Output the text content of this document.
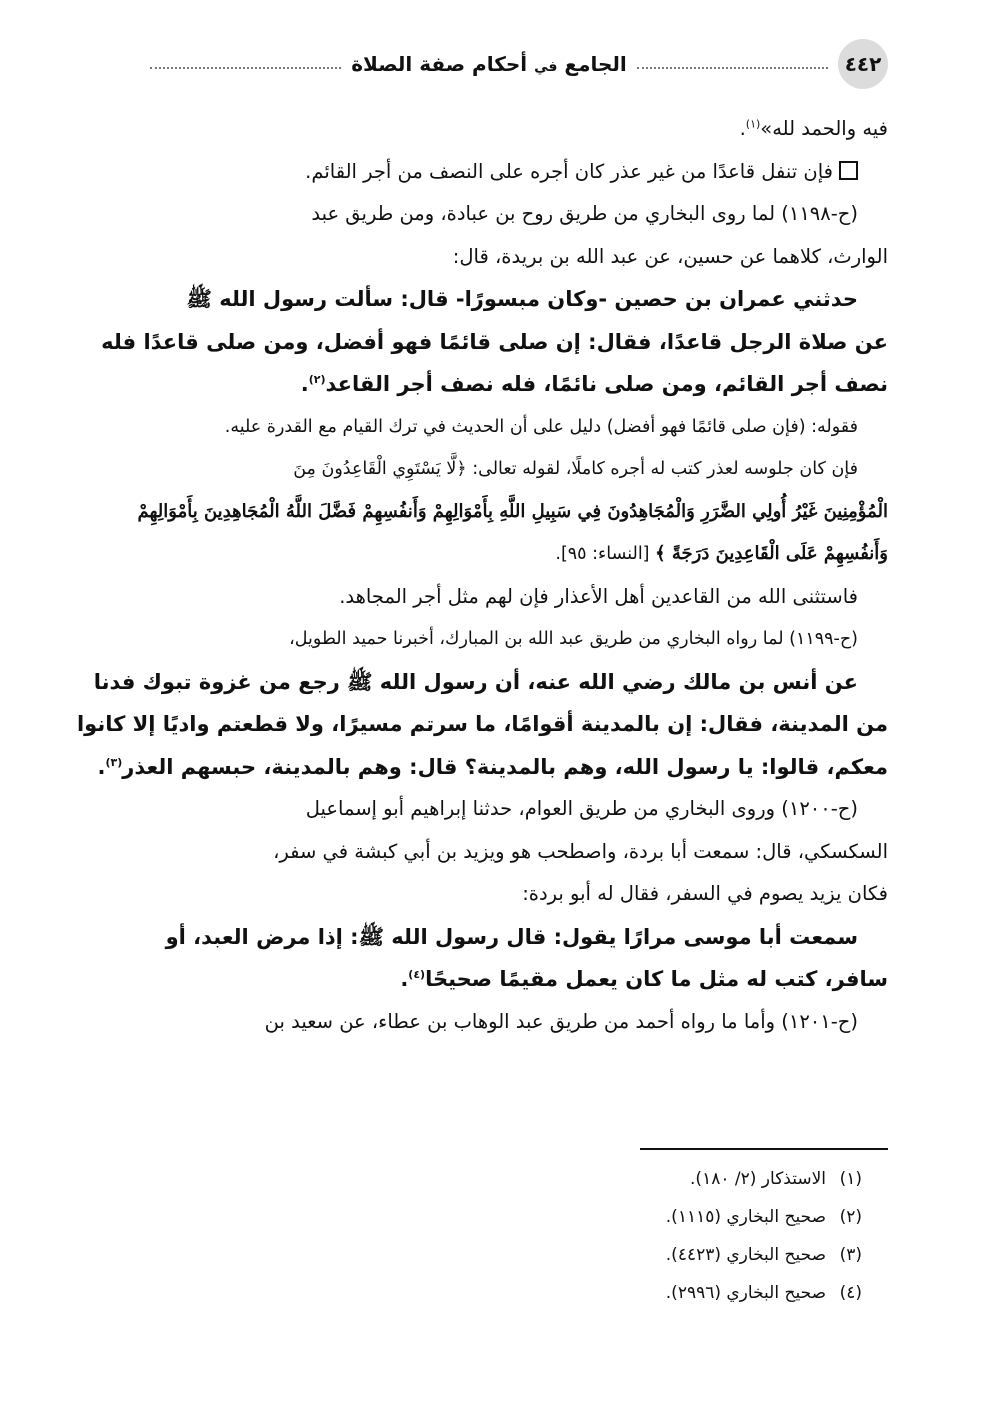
٤٤٢
الجامع في أحكام صفة الصلاة
فيه والحمد لله»$^{(١)}$.
فإن تنفل قاعدًا من غير عذر كان أجره على النصف من أجر القائم.
(ح-١١٩٨) لما روى البخاري من طريق روح بن عبادة، ومن طريق عبد
الوارث، كلاهما عن حسين، عن عبد الله بن بريدة، قال:
حدثني عمران بن حصين -وكان مبسورًا- قال: سألت رسول الله ﷺ
عن صلاة الرجل قاعدًا، فقال: إن صلى قائمًا فهو أفضل، ومن صلى قاعدًا فله
نصف أجر القائم، ومن صلى نائمًا، فله نصف أجر القاعد$^{(٢)}$.
فقوله: (فإن صلى قائمًا فهو أفضل) دليل على أن الحديث في ترك القيام مع القدرة عليه.
فإن كان جلوسه لعذر كتب له أجره كاملًا، لقوله تعالى: ﴿لَّا يَسْتَوِي الْقَاعِدُونَ مِنَ
الْمُؤْمِنِينَ غَيْرُ أُولِي الضَّرَرِ وَالْمُجَاهِدُونَ فِي سَبِيلِ اللَّهِ بِأَمْوَالِهِمْ وَأَنفُسِهِمْ فَضَّلَ اللَّهُ الْمُجَاهِدِينَ بِأَمْوَالِهِمْ
وَأَنفُسِهِمْ عَلَى الْقَاعِدِينَ دَرَجَةً ﴾ [النساء: ٩٥].
فاستثنى الله من القاعدين أهل الأعذار فإن لهم مثل أجر المجاهد.
(ح-١١٩٩) لما رواه البخاري من طريق عبد الله بن المبارك، أخبرنا حميد الطويل،
عن أنس بن مالك رضي الله عنه، أن رسول الله ﷺ رجع من غزوة تبوك فدنا
من المدينة، فقال: إن بالمدينة أقوامًا، ما سرتم مسيرًا، ولا قطعتم واديًا إلا كانوا
معكم، قالوا: يا رسول الله، وهم بالمدينة؟ قال: وهم بالمدينة، حبسهم العذر$^{(٣)}$.
(ح-١٢٠٠) وروى البخاري من طريق العوام، حدثنا إبراهيم أبو إسماعيل
السكسكي، قال: سمعت أبا بردة، واصطحب هو ويزيد بن أبي كبشة في سفر،
فكان يزيد يصوم في السفر، فقال له أبو بردة:
سمعت أبا موسى مرارًا يقول: قال رسول الله ﷺ: إذا مرض العبد، أو
سافر، كتب له مثل ما كان يعمل مقيمًا صحيحًا$^{(٤)}$.
(ح-١٢٠١) وأما ما رواه أحمد من طريق عبد الوهاب بن عطاء، عن سعيد بن
(١)الاستذكار (٢/ ١٨٠).
(٢)صحيح البخاري (١١١٥).
(٣)صحيح البخاري (٤٤٢٣).
(٤)صحيح البخاري (٢٩٩٦).
